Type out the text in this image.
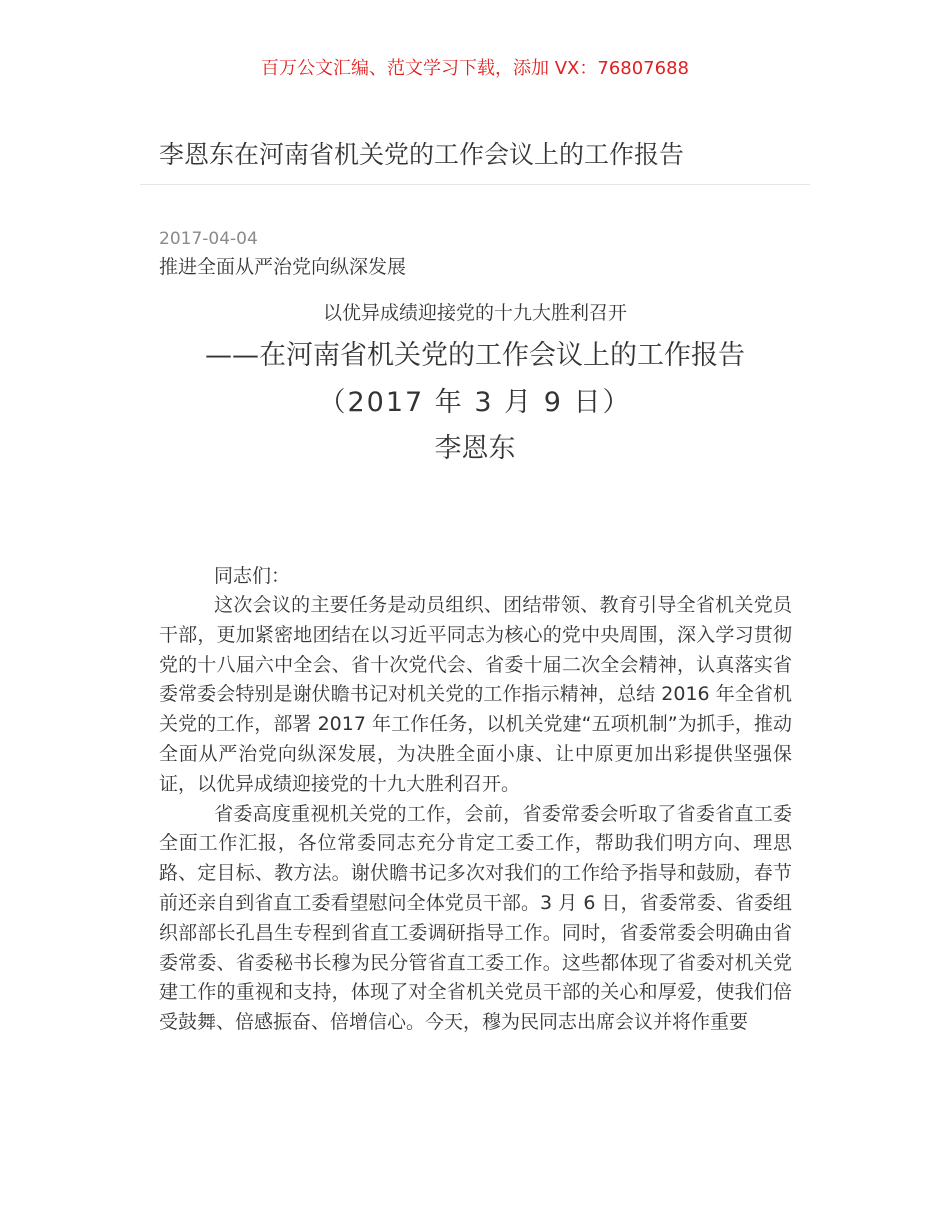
百万公文汇编、范文学习下载，添加 VX：76807688
李恩东在河南省机关党的工作会议上的工作报告
2017-04-04
推进全面从严治党向纵深发展
以优异成绩迎接党的十九大胜利召开
——在河南省机关党的工作会议上的工作报告
（2017 年 3 月 9 日）
李恩东
同志们：

这次会议的主要任务是动员组织、团结带领、教育引导全省机关党员干部，更加紧密地团结在以习近平同志为核心的党中央周围，深入学习贯彻党的十八届六中全会、省十次党代会、省委十届二次全会精神，认真落实省委常委会特别是谢伏瞻书记对机关党的工作指示精神，总结 2016 年全省机关党的工作，部署 2017 年工作任务，以机关党建“五项机制”为抓手，推动全面从严治党向纵深发展，为决胜全面小康、让中原更加出彩提供坚强保证，以优异成绩迎接党的十九大胜利召开。

省委高度重视机关党的工作，会前，省委常委会听取了省委省直工委全面工作汇报，各位常委同志充分肯定工委工作，帮助我们明方向、理思路、定目标、教方法。谢伏瞻书记多次对我们的工作给予指导和鼓励，春节前还亲自到省直工委看望慰问全体党员干部。3 月 6 日，省委常委、省委组织部部长孔昌生专程到省直工委调研指导工作。同时，省委常委会明确由省委常委、省委秘书长穆为民分管省直工委工作。这些都体现了省委对机关党建工作的重视和支持，体现了对全省机关党员干部的关心和厚爱，使我们倍受鼓舞、倍感振奋、倍增信心。今天，穆为民同志出席会议并将作重要
